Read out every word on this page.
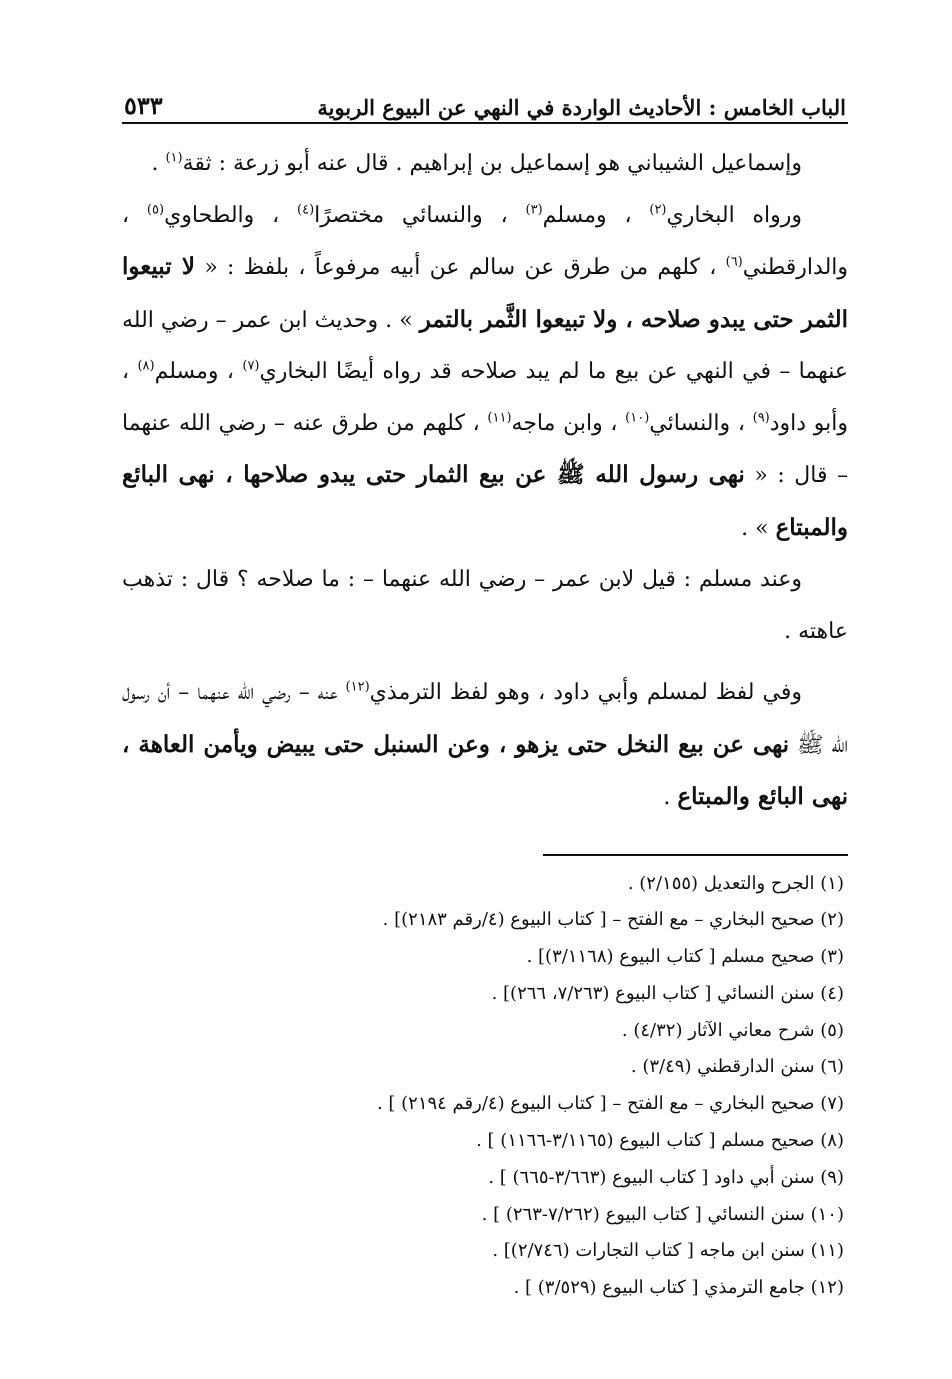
الباب الخامس : الأحاديث الواردة في النهي عن البيوع الربوية
٥٣٣

وإسماعيل الشيباني هو إسماعيل بن إبراهيم . قال عنه أبو زرعة : ثقة$^{(١)}$ .

ورواه البخاري$^{(٢)}$ ، ومسلم$^{(٣)}$ ، والنسائي مختصرًا$^{(٤)}$ ، والطحاوي$^{(٥)}$ ، والدارقطني$^{(٦)}$ ، كلهم من طرق عن سالم عن أبيه مرفوعاً ، بلفظ : « لا تبيعوا الثمر حتى يبدو صلاحه ، ولا تبيعوا الثَّمر بالتمر » . وحديث ابن عمر – رضي الله عنهما – في النهي عن بيع ما لم يبد صلاحه قد رواه أيضًا البخاري$^{(٧)}$ ، ومسلم$^{(٨)}$ ، وأبو داود$^{(٩)}$ ، والنسائي$^{(١٠)}$ ، وابن ماجه$^{(١١)}$ ، كلهم من طرق عنه – رضي الله عنهما – قال : « نهى رسول الله ﷺ عن بيع الثمار حتى يبدو صلاحها ، نهى البائع والمبتاع » .

وعند مسلم : قيل لابن عمر – رضي الله عنهما – : ما صلاحه ؟ قال : تذهب عاهته .

وفي لفظ لمسلم وأبي داود ، وهو لفظ الترمذي$^{(١٢)}$ عنه – رضي الله عنهما – أن رسول الله ﷺ نهى عن بيع النخل حتى يزهو ، وعن السنبل حتى يبيض ويأمن العاهة ، نهى البائع والمبتاع .

(١) الجرح والتعديل (٢/١٥٥) .
(٢) صحيح البخاري – مع الفتح – [ كتاب البيوع (٤/رقم ٢١٨٣)] .
(٣) صحيح مسلم [ كتاب البيوع (٣/١١٦٨)] .
(٤) سنن النسائي [ كتاب البيوع (٧/٢٦٣، ٢٦٦)] .
(٥) شرح معاني الآثار (٤/٣٢) .
(٦) سنن الدارقطني (٣/٤٩) .
(٧) صحيح البخاري – مع الفتح – [ كتاب البيوع (٤/رقم ٢١٩٤) ] .
(٨) صحيح مسلم [ كتاب البيوع (٣/١١٦٥-١١٦٦) ] .
(٩) سنن أبي داود [ كتاب البيوع (٣/٦٦٣-٦٦٥) ] .
(١٠) سنن النسائي [ كتاب البيوع (٧/٢٦٢-٢٦٣) ] .
(١١) سنن ابن ماجه [ كتاب التجارات (٢/٧٤٦)] .
(١٢) جامع الترمذي [ كتاب البيوع (٣/٥٢٩) ] .
